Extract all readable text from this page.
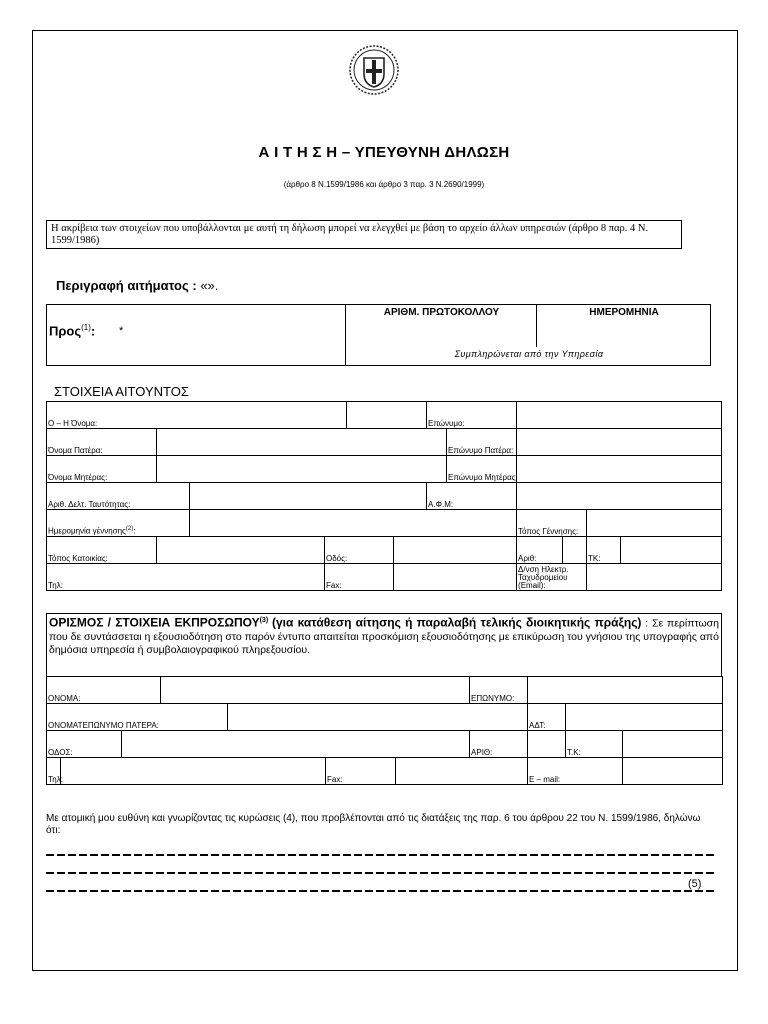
Α Ι Τ Η Σ Η – ΥΠΕΥΘΥΝΗ ΔΗΛΩΣΗ
(άρθρο 8 Ν.1599/1986 και άρθρο 3 παρ. 3 Ν.2690/1999)
Η ακρίβεια των στοιχείων που υποβάλλονται με αυτή τη δήλωση μπορεί να ελεγχθεί με βάση το αρχείο άλλων υπηρεσιών (άρθρο 8 παρ. 4 Ν. 1599/1986)
Περιγραφή αιτήματος : «».
Προς$^{(1)}$: *
ΑΡΙΘΜ. ΠΡΩΤΟΚΟΛΛΟΥ	ΗΜΕΡΟΜΗΝΙΑ
Συμπληρώνεται από την Υπηρεσία
ΣΤΟΙΧΕΙΑ ΑΙΤΟΥΝΤΟΣ
Ο – Η Όνομα:						Επώνυμο:					
Όνομα Πατέρα:							Επώνυμο Πατέρα:				
Όνομα Μητέρας:							Επώνυμο Μητέρας:				
Αριθ. Δελτ. Ταυτότητας:						Α.Φ.Μ:					
Ημερομηνία γέννησης$^{(2)}$:								Τόπος Γέννησης:			
Τόπος Κατοικίας:			Οδός:					Αριθ:		ΤΚ:	
Τηλ:			Fax:					Δ/νση Ηλεκτρ. Ταχυδρομείου (Email):			
ΟΡΙΣΜΟΣ / ΣΤΟΙΧΕΙΑ ΕΚΠΡΟΣΩΠΟΥ$^{(3)}$ (για κατάθεση αίτησης ή παραλαβή τελικής διοικητικής πράξης) : Σε περίπτωση που δε συντάσσεται η εξουσιοδότηση στο παρόν έντυπο απαιτείται προσκόμιση εξουσιοδότησης με επικύρωση του γνήσιου της υπογραφής από δημόσια υπηρεσία ή συμβολαιογραφικού πληρεξουσίου.
ΟΝΟΜΑ:							ΕΠΩΝΥΜΟ:			
ΟΝΟΜΑΤΕΠΩΝΥΜΟ ΠΑΤΕΡΑ:								ΑΔΤ:		
ΟΔΟΣ:							ΑΡΙΘ:		Τ.Κ:	
Τηλ:					Fax:			Ε – mail:		
Με ατομική μου ευθύνη και γνωρίζοντας τις κυρώσεις (4), που προβλέπονται από τις διατάξεις της παρ. 6 του άρθρου 22 του Ν. 1599/1986, δηλώνω ότι:
(5)
